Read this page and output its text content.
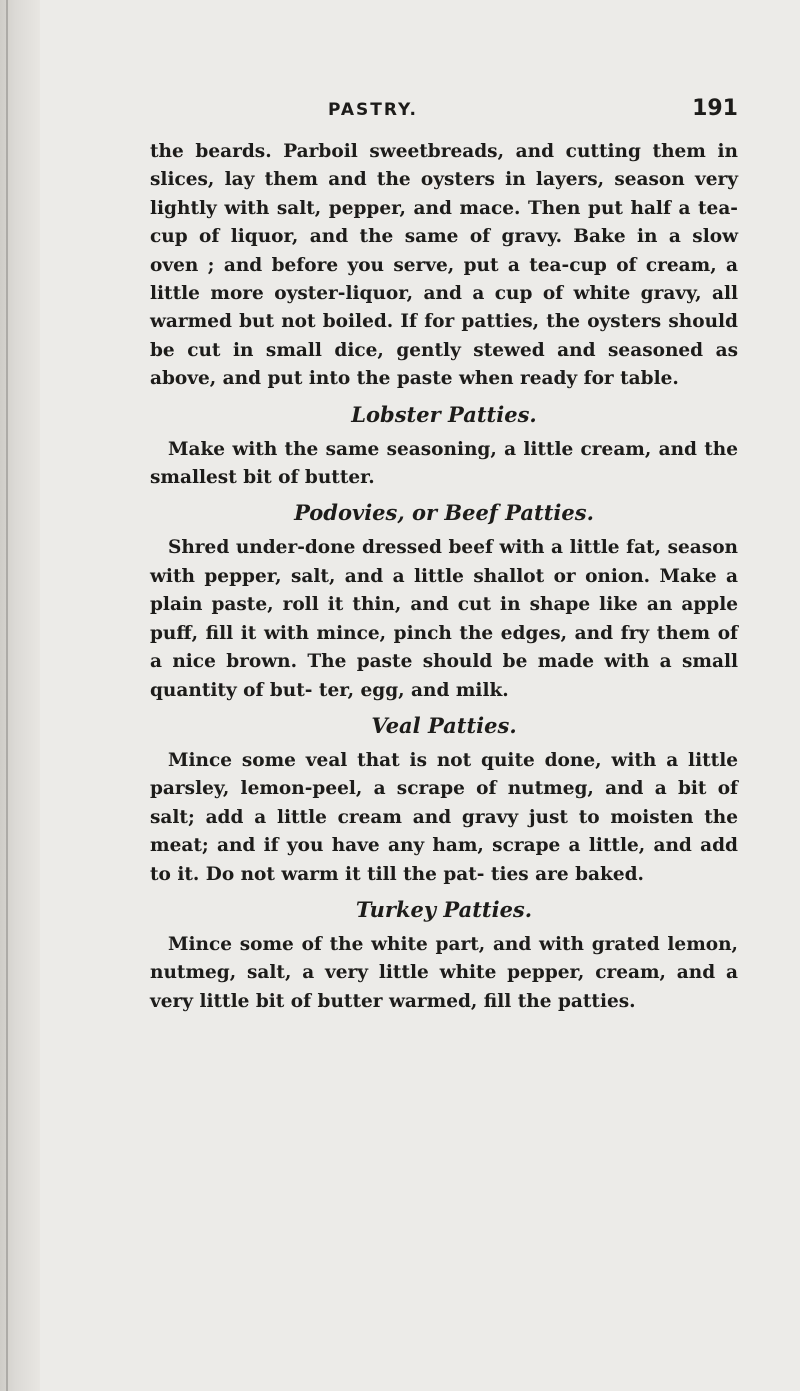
PASTRY.	191

the beards. Parboil sweetbreads, and cutting them in slices, lay them and the oysters in layers, season very lightly with salt, pepper, and mace. Then put half a tea-cup of liquor, and the same of gravy. Bake in a slow oven ; and before you serve, put a tea-cup of cream, a little more oyster-liquor, and a cup of white gravy, all warmed but not boiled. If for patties, the oysters should be cut in small dice, gently stewed and seasoned as above, and put into the paste when ready for table.

Lobster Patties.

Make with the same seasoning, a little cream, and the smallest bit of butter.

Podovies, or Beef Patties.

Shred under-done dressed beef with a little fat, season with pepper, salt, and a little shallot or onion. Make a plain paste, roll it thin, and cut in shape like an apple puff, fill it with mince, pinch the edges, and fry them of a nice brown. The paste should be made with a small quantity of but- ter, egg, and milk.

Veal Patties.

Mince some veal that is not quite done, with a little parsley, lemon-peel, a scrape of nutmeg, and a bit of salt; add a little cream and gravy just to moisten the meat; and if you have any ham, scrape a little, and add to it. Do not warm it till the pat- ties are baked.

Turkey Patties.

Mince some of the white part, and with grated lemon, nutmeg, salt, a very little white pepper, cream, and a very little bit of butter warmed, fill the patties.
